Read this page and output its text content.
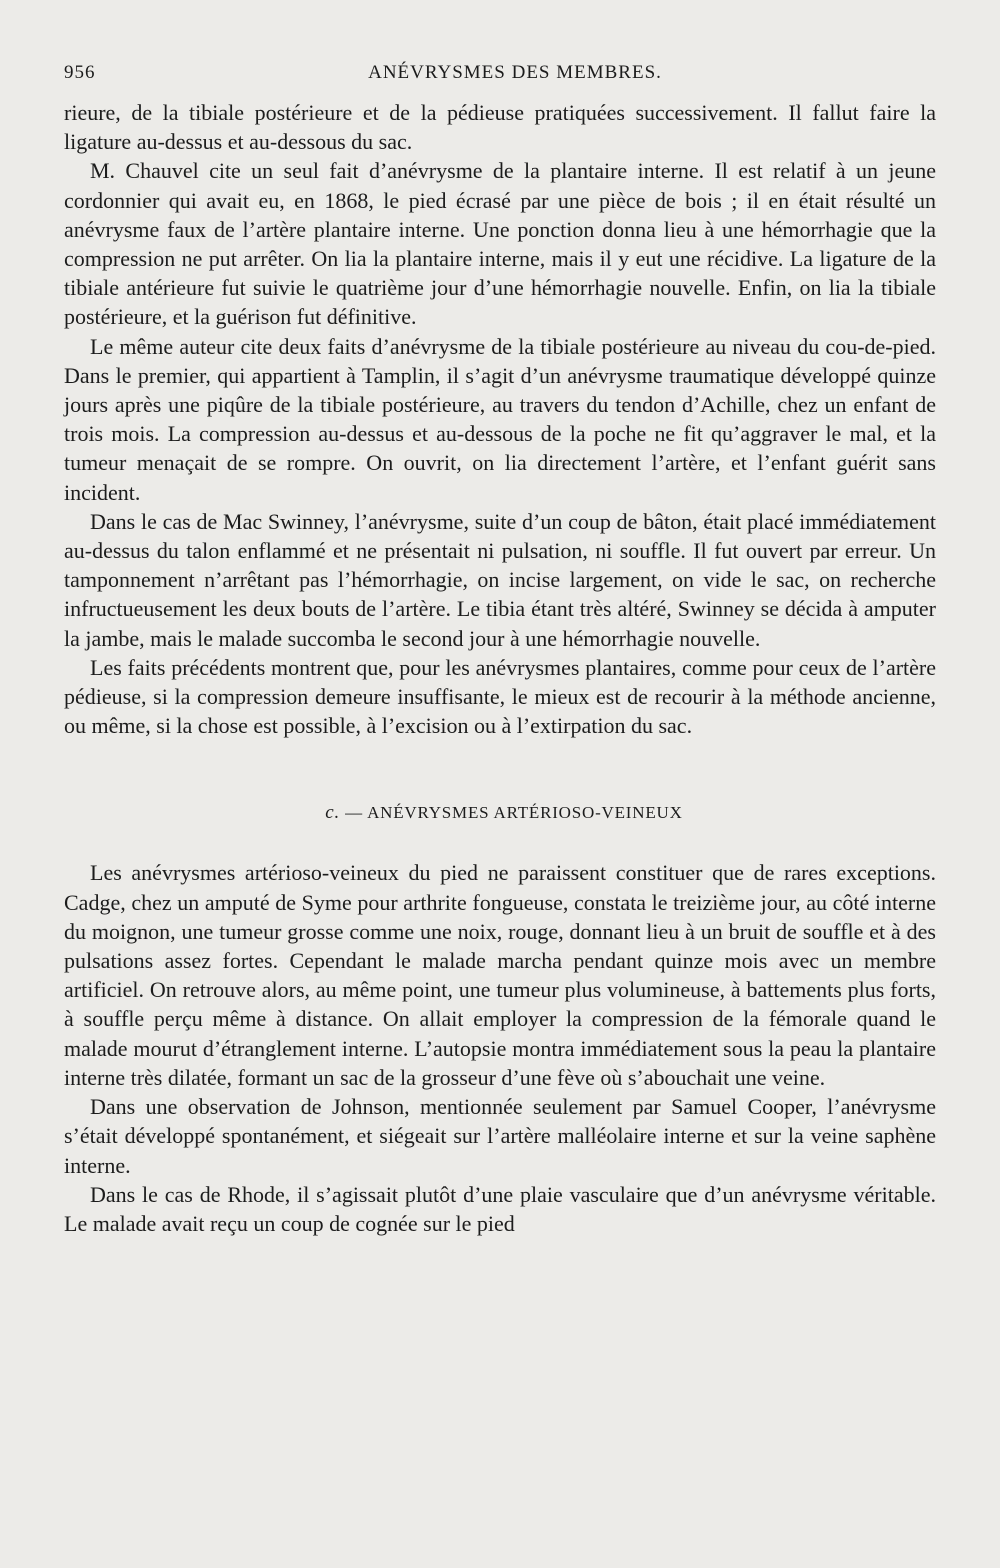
956	ANÉVRYSMES DES MEMBRES.

rieure, de la tibiale postérieure et de la pédieuse pratiquées successivement. Il fallut faire la ligature au-dessus et au-dessous du sac.

M. Chauvel cite un seul fait d’anévrysme de la plantaire interne. Il est relatif à un jeune cordonnier qui avait eu, en 1868, le pied écrasé par une pièce de bois ; il en était résulté un anévrysme faux de l’artère plantaire interne. Une ponction donna lieu à une hémorrhagie que la compression ne put arrêter. On lia la plantaire interne, mais il y eut une récidive. La ligature de la tibiale antérieure fut suivie le quatrième jour d’une hémorrhagie nouvelle. Enfin, on lia la tibiale postérieure, et la guérison fut définitive.

Le même auteur cite deux faits d’anévrysme de la tibiale postérieure au niveau du cou-de-pied. Dans le premier, qui appartient à Tamplin, il s’agit d’un anévrysme traumatique développé quinze jours après une piqûre de la tibiale postérieure, au travers du tendon d’Achille, chez un enfant de trois mois. La compression au-dessus et au-dessous de la poche ne fit qu’aggraver le mal, et la tumeur menaçait de se rompre. On ouvrit, on lia directement l’artère, et l’enfant guérit sans incident.

Dans le cas de Mac Swinney, l’anévrysme, suite d’un coup de bâton, était placé immédiatement au-dessus du talon enflammé et ne présentait ni pulsation, ni souffle. Il fut ouvert par erreur. Un tamponnement n’arrêtant pas l’hémorrhagie, on incise largement, on vide le sac, on recherche infructueusement les deux bouts de l’artère. Le tibia étant très altéré, Swinney se décida à amputer la jambe, mais le malade succomba le second jour à une hémorrhagie nouvelle.

Les faits précédents montrent que, pour les anévrysmes plantaires, comme pour ceux de l’artère pédieuse, si la compression demeure insuffisante, le mieux est de recourir à la méthode ancienne, ou même, si la chose est possible, à l’excision ou à l’extirpation du sac.

c. — ANÉVRYSMES ARTÉRIOSO-VEINEUX

Les anévrysmes artérioso-veineux du pied ne paraissent constituer que de rares exceptions. Cadge, chez un amputé de Syme pour arthrite fongueuse, constata le treizième jour, au côté interne du moignon, une tumeur grosse comme une noix, rouge, donnant lieu à un bruit de souffle et à des pulsations assez fortes. Cependant le malade marcha pendant quinze mois avec un membre artificiel. On retrouve alors, au même point, une tumeur plus volumineuse, à battements plus forts, à souffle perçu même à distance. On allait employer la compression de la fémorale quand le malade mourut d’étranglement interne. L’autopsie montra immédiatement sous la peau la plantaire interne très dilatée, formant un sac de la grosseur d’une fève où s’abouchait une veine.

Dans une observation de Johnson, mentionnée seulement par Samuel Cooper, l’anévrysme s’était développé spontanément, et siégeait sur l’artère malléolaire interne et sur la veine saphène interne.

Dans le cas de Rhode, il s’agissait plutôt d’une plaie vasculaire que d’un anévrysme véritable. Le malade avait reçu un coup de cognée sur le pied
